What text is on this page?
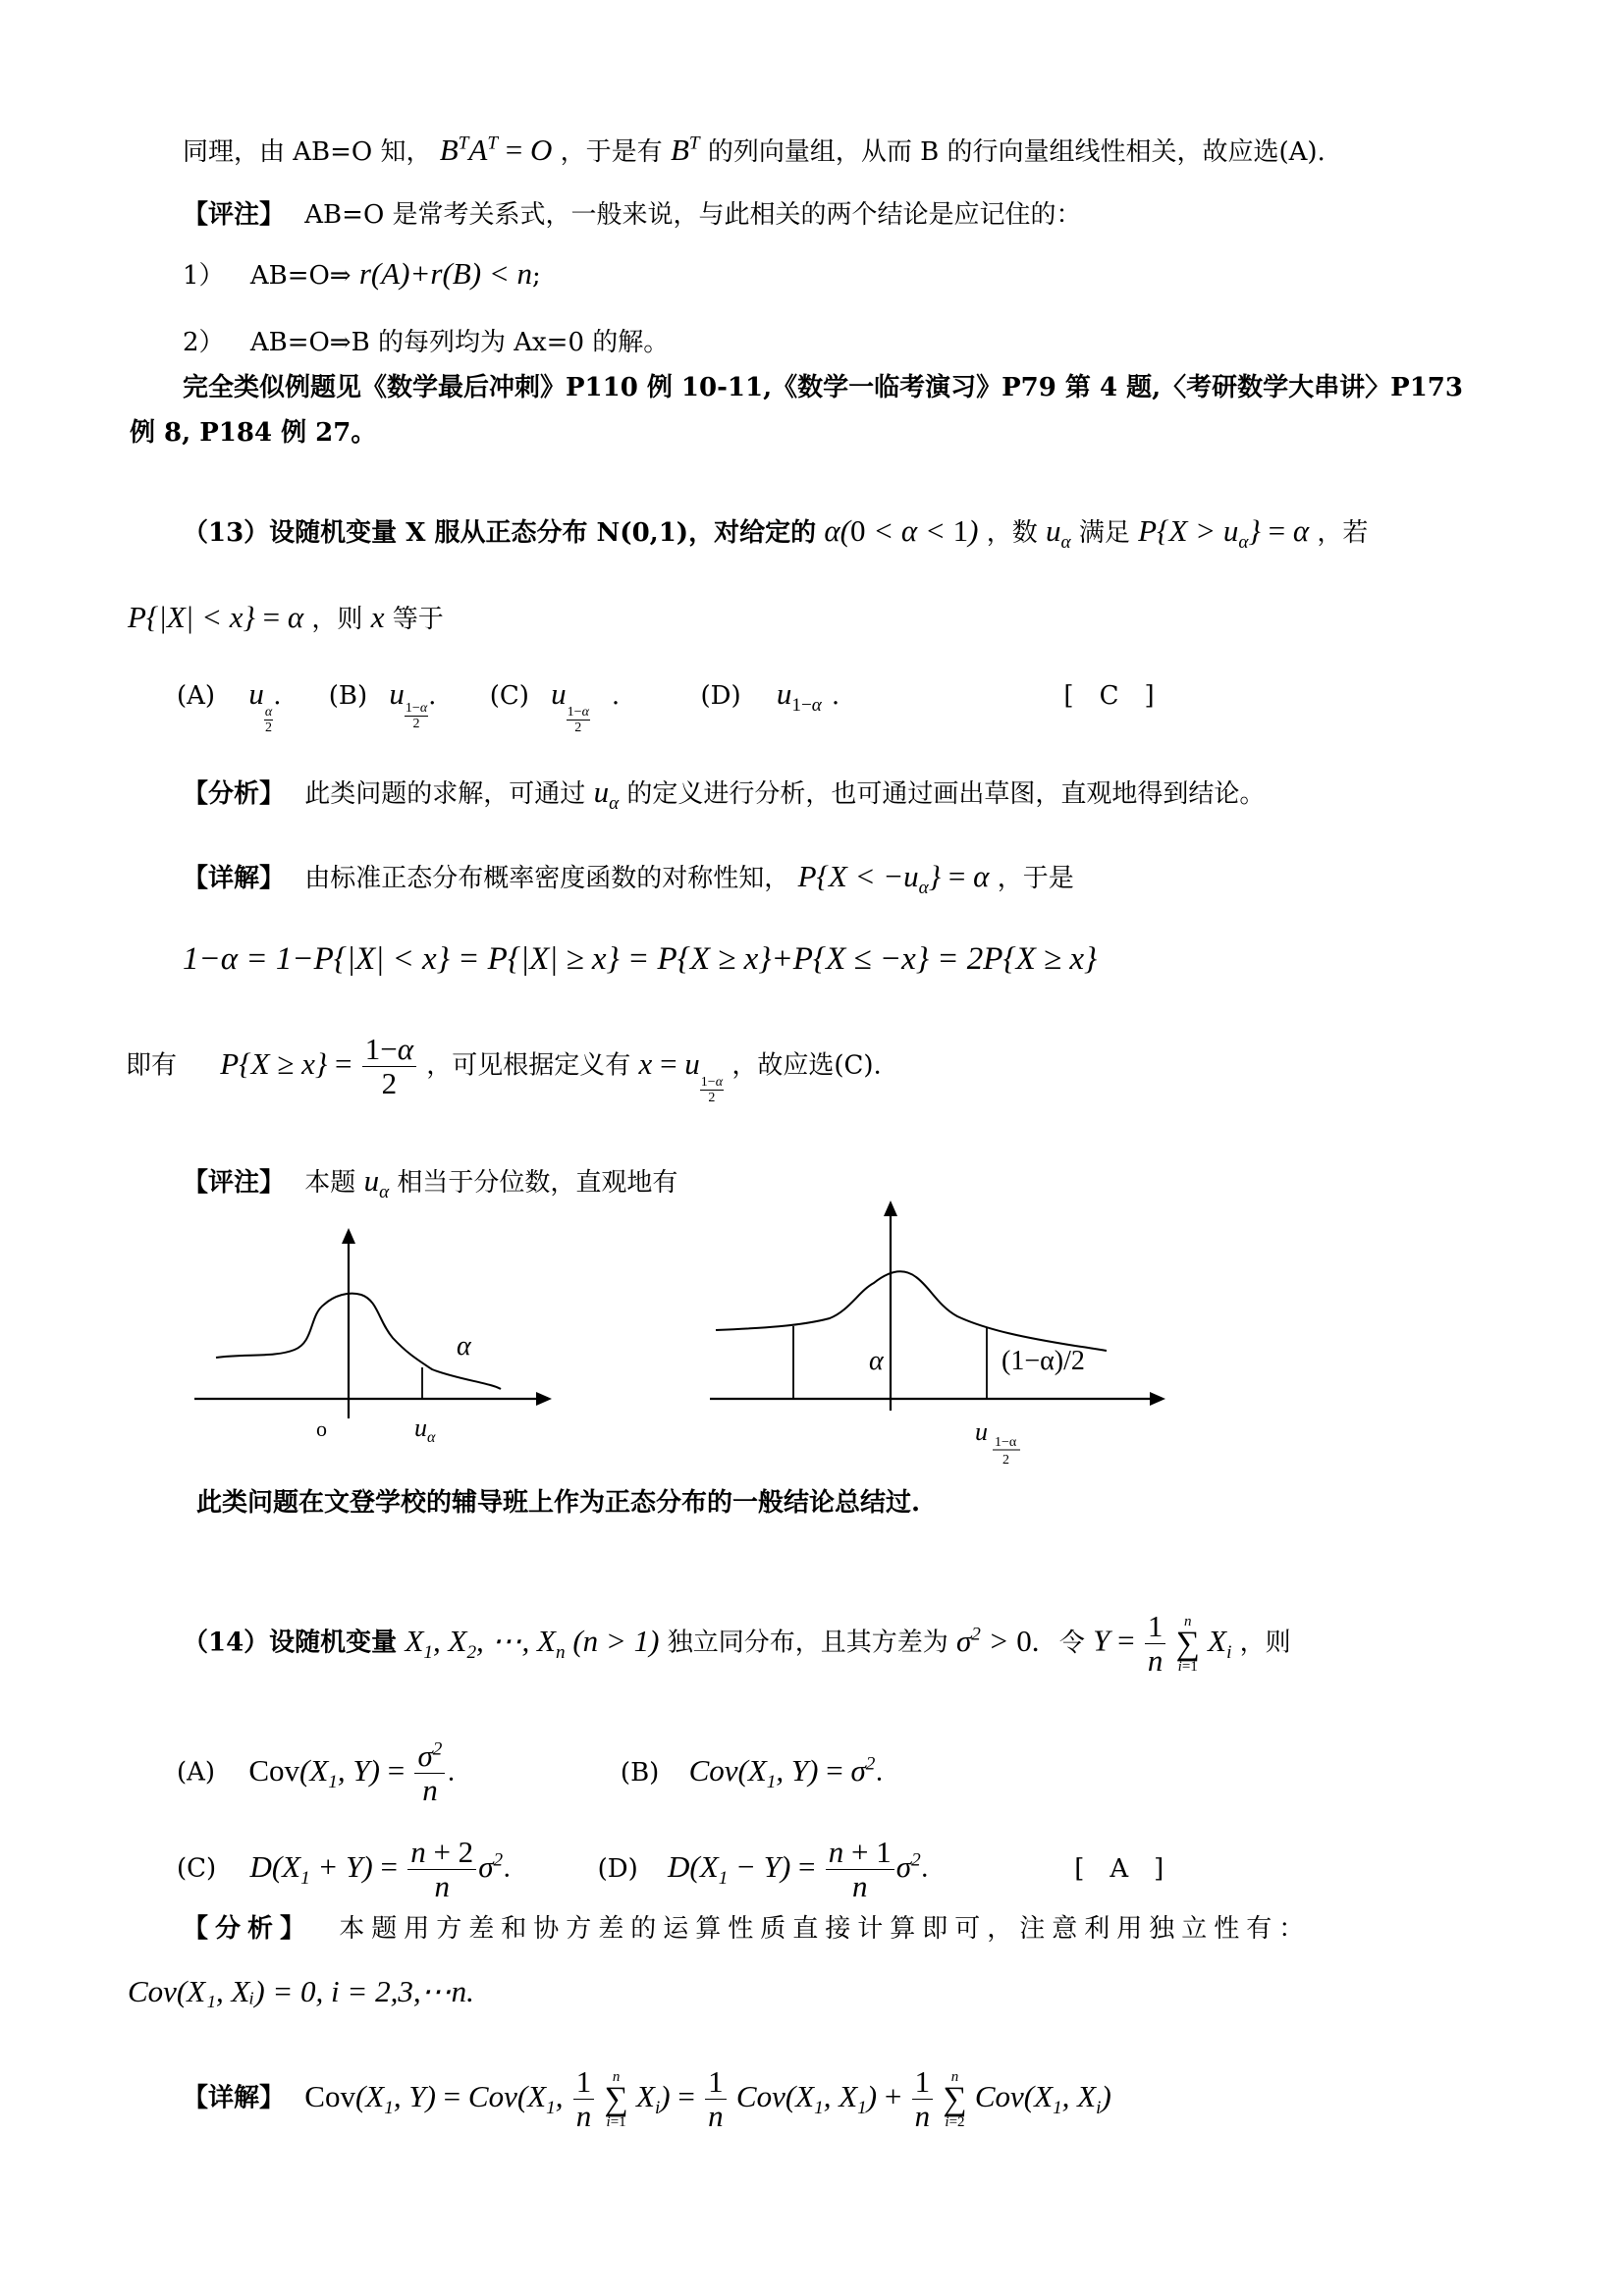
同理，由 AB=O 知， $B^TA^T = O$ ，于是有 $B^T$ 的列向量组，从而 B 的行向量组线性相关，故应选(A).
【评注】 AB=O 是常考关系式，一般来说，与此相关的两个结论是应记住的：
1） AB=O⇒ r(A)+r(B) < n;
2） AB=O⇒B 的每列均为 Ax=0 的解。
完全类似例题见《数学最后冲刺》P110 例 10-11,《数学一临考演习》P79 第 4 题,〈考研数学大串讲〉P173
例 8, P184 例 27。
（13）设随机变量 X 服从正态分布 N(0,1)，对给定的 α(0 < α < 1) ，数 $u_\alpha$ 满足 $P\{X > u_\alpha\} = \alpha$ ，若
P{|X| < x} = α ，则 x 等于
(A) u
$\frac{\alpha}{2}$
. (B) u
$\frac{1-\alpha}{2}$
. (C) u
$\frac{1-\alpha}{2}$
.	(D) $u_{1-\alpha}$ .	[　C　]
【分析】 此类问题的求解，可通过 $u_\alpha$ 的定义进行分析，也可通过画出草图，直观地得到结论。
【详解】 由标准正态分布概率密度函数的对称性知， $P\{X < -u_\alpha\} = \alpha$ ，于是
1−α = 1−P{|X| < x} = P{|X| ≥ x} = P{X ≥ x}+P{X ≤ −x} = 2P{X ≥ x}
即有 $P\{X \ge x\} = \frac{1-\alpha}{2}$ ，可见根据定义有 x = u
$\frac{1-\alpha}{2}$
，故应选(C).
【评注】 本题 $u_\alpha$ 相当于分位数，直观地有
α
o	$u_\alpha$
α	(1−α)/2
u 1−α
2
此类问题在文登学校的辅导班上作为正态分布的一般结论总结过.
（14）设随机变量 $X_1$, $X_2$, ⋯, $X_n$ (n > 1) 独立同分布，且其方差为 $\sigma^2 > 0$. 令 $Y = \frac{1}{n}$ n
∑
i=1 $X_i$ ，则
(A) $Cov(X_1$, $Y) = \frac{\sigma^2}{n}$ .	(B) $Cov(X_1$, $Y) = \sigma^2$.
(C) $D(X_1 + Y) = \frac{n + 2}{n} \sigma^2$.	(D) $D(X_1 - Y) = \frac{n + 1}{n} \sigma^2$.	[　A　]
【分析】 本题用方差和协方差的运算性质直接计算即可，注意利用独立性有：
Cov(X₁, Xᵢ) = 0, i = 2,3,⋯n.
【详解】 $Cov(X_1$, $Y) = Cov(X_1$, $\frac{1}{n}$ n
∑
i=1 $X_i) = \frac{1}{n} Cov(X_1$, $X_1) + \frac{1}{n}$ n
∑
i=2 $Cov(X_1$, $X_i$)
